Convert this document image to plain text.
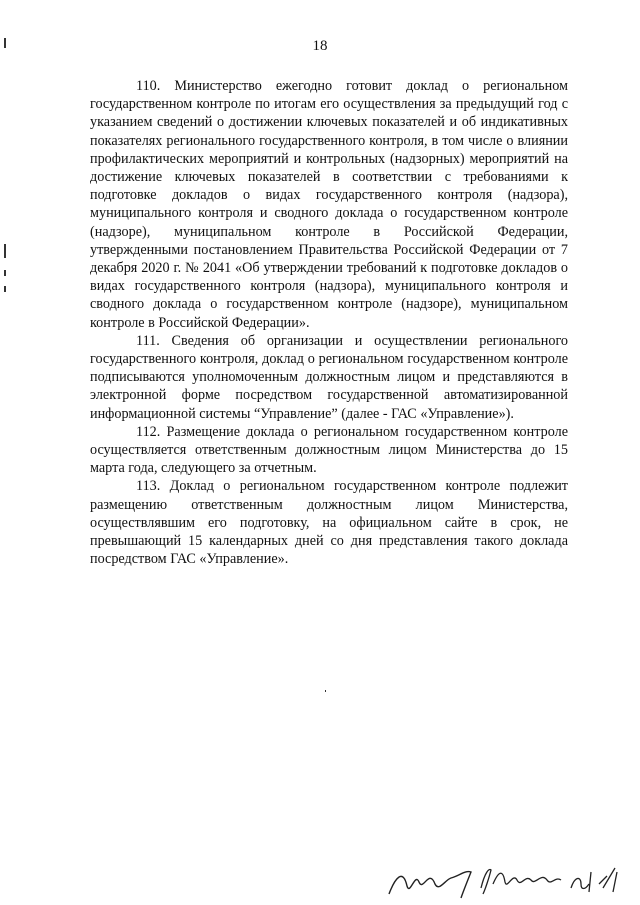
18

110. Министерство ежегодно готовит доклад о региональном государственном контроле по итогам его осуществления за предыдущий год с указанием сведений о достижении ключевых показателей и об индикативных показателях регионального государственного контроля, в том числе о влиянии профилактических мероприятий и контрольных (надзорных) мероприятий на достижение ключевых показателей в соответствии с требованиями к подготовке докладов о видах государственного контроля (надзора), муниципального контроля и сводного доклада о государственном контроле (надзоре), муниципальном контроле в Российской Федерации, утвержденными постановлением Правительства Российской Федерации от 7 декабря 2020 г. № 2041 «Об утверждении требований к подготовке докладов о видах государственного контроля (надзора), муниципального контроля и сводного доклада о государственном контроле (надзоре), муниципальном контроле в Российской Федерации».

111. Сведения об организации и осуществлении регионального государственного контроля, доклад о региональном государственном контроле подписываются уполномоченным должностным лицом и представляются в электронной форме посредством государственной автоматизированной информационной системы “Управление” (далее - ГАС «Управление»).

112. Размещение доклада о региональном государственном контроле осуществляется ответственным должностным лицом Министерства до 15 марта года, следующего за отчетным.

113. Доклад о региональном государственном контроле подлежит размещению ответственным должностным лицом Министерства, осуществлявшим его подготовку, на официальном сайте в срок, не превышающий 15 календарных дней со дня представления такого доклада посредством ГАС «Управление».
